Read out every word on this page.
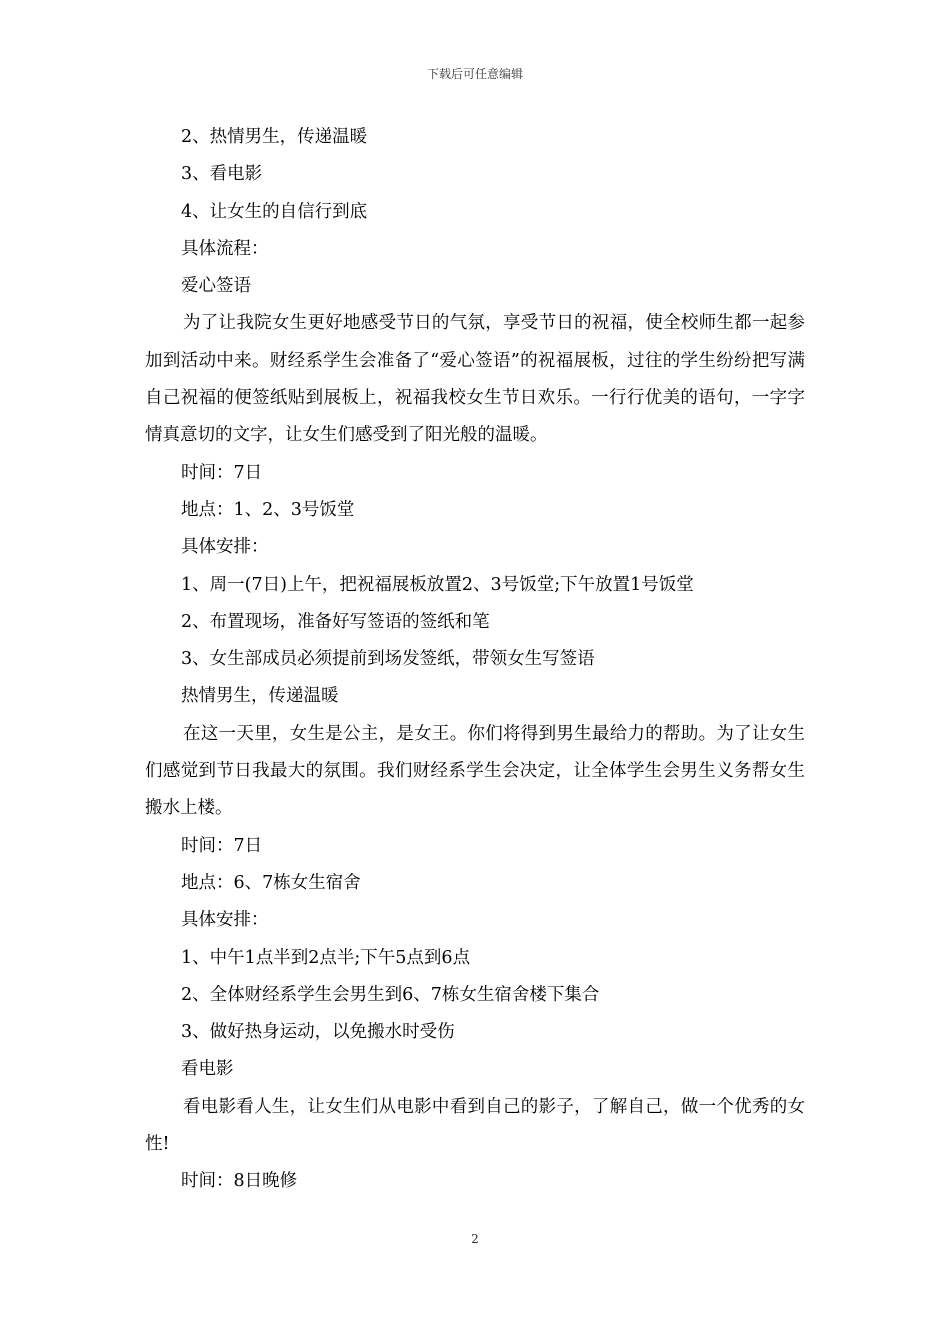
下载后可任意编辑

2、热情男生，传递温暖

3、看电影

4、让女生的自信行到底

具体流程：

爱心签语

为了让我院女生更好地感受节日的气氛，享受节日的祝福，使全校师生都一起参加到活动中来。财经系学生会准备了“爱心签语”的祝福展板，过往的学生纷纷把写满自己祝福的便签纸贴到展板上，祝福我校女生节日欢乐。一行行优美的语句，一字字情真意切的文字，让女生们感受到了阳光般的温暖。

时间：7日

地点：1、2、3号饭堂

具体安排：

1、周一(7日)上午，把祝福展板放置2、3号饭堂;下午放置1号饭堂

2、布置现场，准备好写签语的签纸和笔

3、女生部成员必须提前到场发签纸，带领女生写签语

热情男生，传递温暖

在这一天里，女生是公主，是女王。你们将得到男生最给力的帮助。为了让女生们感觉到节日我最大的氛围。我们财经系学生会决定，让全体学生会男生义务帮女生搬水上楼。

时间：7日

地点：6、7栋女生宿舍

具体安排：

1、中午1点半到2点半;下午5点到6点

2、全体财经系学生会男生到6、7栋女生宿舍楼下集合

3、做好热身运动，以免搬水时受伤

看电影

看电影看人生，让女生们从电影中看到自己的影子，了解自己，做一个优秀的女性!

时间：8日晚修

2
